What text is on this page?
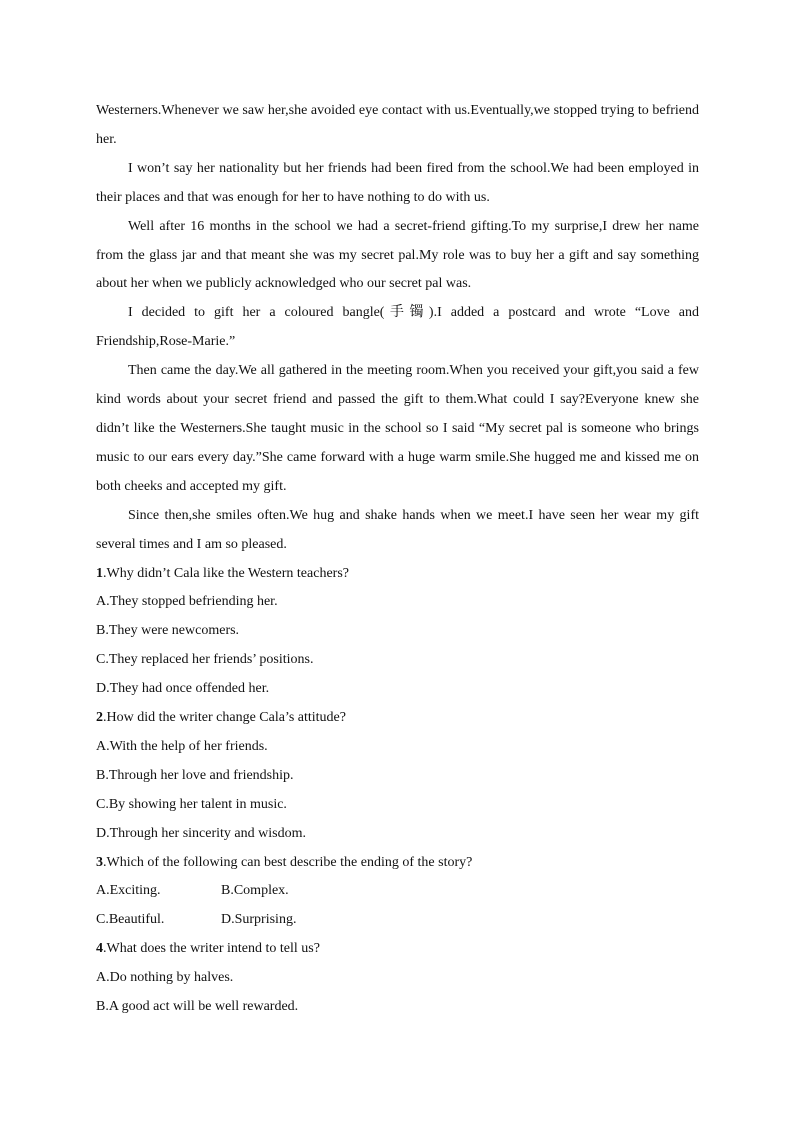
Westerners.Whenever we saw her,she avoided eye contact with us.Eventually,we stopped trying to befriend her.

I won’t say her nationality but her friends had been fired from the school.We had been employed in their places and that was enough for her to have nothing to do with us.

Well after 16 months in the school we had a secret-friend gifting.To my surprise,I drew her name from the glass jar and that meant she was my secret pal.My role was to buy her a gift and say something about her when we publicly acknowledged who our secret pal was.

I decided to gift her a coloured bangle(手镯).I added a postcard and wrote “Love and Friendship,Rose-Marie.”

Then came the day.We all gathered in the meeting room.When you received your gift,you said a few kind words about your secret friend and passed the gift to them.What could I say?Everyone knew she didn’t like the Westerners.She taught music in the school so I said “My secret pal is someone who brings music to our ears every day.”She came forward with a huge warm smile.She hugged me and kissed me on both cheeks and accepted my gift.

Since then,she smiles often.We hug and shake hands when we meet.I have seen her wear my gift several times and I am so pleased.

1.Why didn’t Cala like the Western teachers?

A.They stopped befriending her.

B.They were newcomers.

C.They replaced her friends’ positions.

D.They had once offended her.

2.How did the writer change Cala’s attitude?

A.With the help of her friends.

B.Through her love and friendship.

C.By showing her talent in music.

D.Through her sincerity and wisdom.

3.Which of the following can best describe the ending of the story?

A.Exciting.	B.Complex.

C.Beautiful.	D.Surprising.

4.What does the writer intend to tell us?

A.Do nothing by halves.

B.A good act will be well rewarded.
